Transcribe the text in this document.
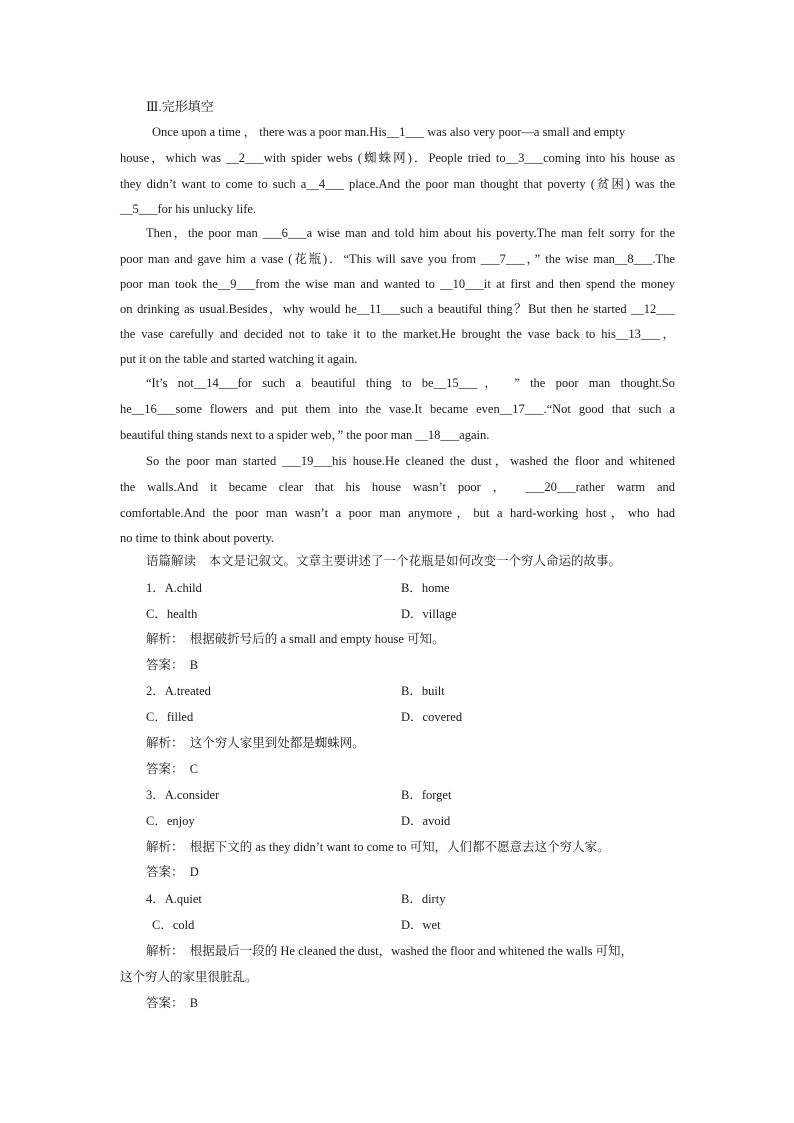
Ⅲ.完形填空
Once upon a time ， there was a poor man.His__1___ was also very poor—a small and empty
house，which was __2___with spider webs (蜘蛛网)．People tried to__3___coming into his house as
they didn’t want to come to such a__4___ place.And the poor man thought that poverty (贫困) was the
__5___for his unlucky life.
Then，the poor man ___6___a wise man and told him about his poverty.The man felt sorry for the
poor man and gave him a vase (花瓶)．“This will save you from ___7___，” the wise man__8___.The
poor man took the__9___from the wise man and wanted to __10___it at first and then spend the money
on drinking as usual.Besides，why would he__11___such a beautiful thing？But then he started __12___
the vase carefully and decided not to take it to the market.He brought the vase back to his__13___，
put it on the table and started watching it again.
“It’s not__14___for such a beautiful thing to be__15___， ” the poor man thought.So
he__16___some flowers and put them into the vase.It became even__17___.“Not good that such a
beautiful thing stands next to a spider web，” the poor man __18___again.
So the poor man started ___19___his house.He cleaned the dust，washed the floor and whitened
the walls.And it became clear that his house wasn’t poor ， ___20___rather warm and
comfortable.And the poor man wasn’t a poor man anymore，but a hard-working host，who had
no time to think about poverty.
语篇解读　本文是记叙文。文章主要讲述了一个花瓶是如何改变一个穷人命运的故事。
1．A.child	B．home
C．health	D．village
解析：　根据破折号后的 a small and empty house 可知。
答案：　B
2．A.treated	B．built
C．filled	D．covered
解析：　这个穷人家里到处都是蜘蛛网。
答案：　C
3．A.consider	B．forget
C．enjoy	D．avoid
解析：　根据下文的 as they didn’t want to come to 可知，人们都不愿意去这个穷人家。
答案：　D
4．A.quiet	B．dirty
C．cold	D．wet
解析：　根据最后一段的 He cleaned the dust，washed the floor and whitened the walls 可知，
这个穷人的家里很脏乱。
答案：　B
